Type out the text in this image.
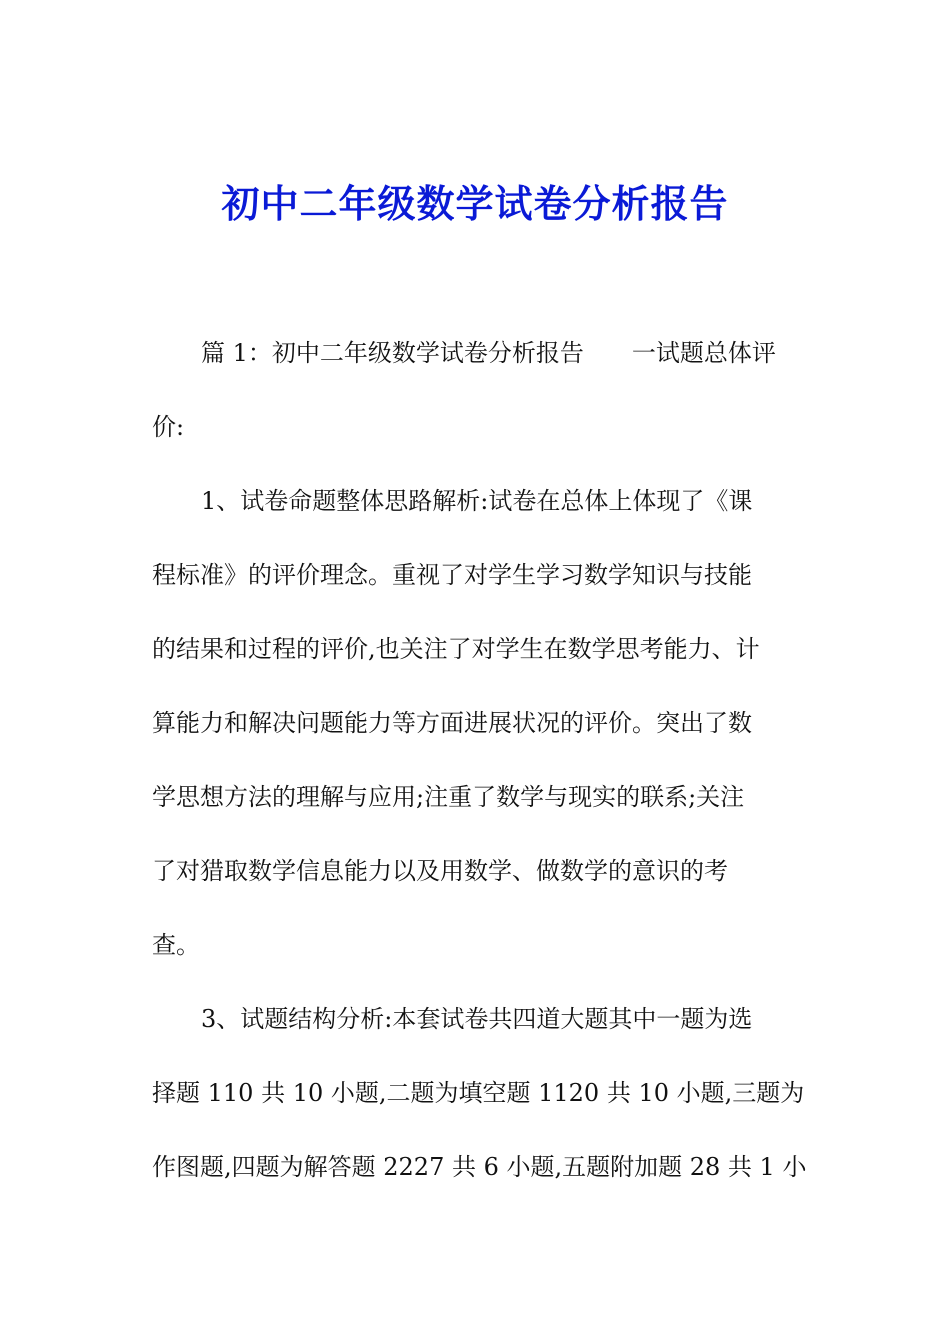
初中二年级数学试卷分析报告

篇 1：初中二年级数学试卷分析报告　　一试题总体评

价:

1、试卷命题整体思路解析:试卷在总体上体现了《课

程标准》的评价理念。重视了对学生学习数学知识与技能

的结果和过程的评价,也关注了对学生在数学思考能力、计

算能力和解决问题能力等方面进展状况的评价。突出了数

学思想方法的理解与应用;注重了数学与现实的联系;关注

了对猎取数学信息能力以及用数学、做数学的意识的考

查。

3、试题结构分析:本套试卷共四道大题其中一题为选

择题 110 共 10 小题,二题为填空题 1120 共 10 小题,三题为

作图题,四题为解答题 2227 共 6 小题,五题附加题 28 共 1 小
